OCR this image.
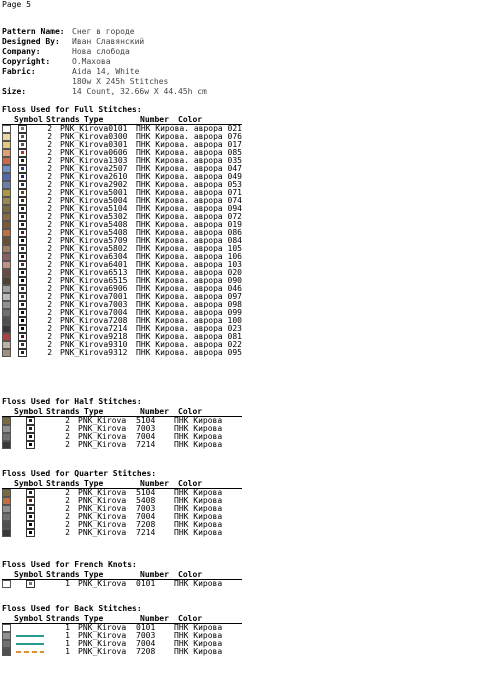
Page 5
Pattern Name: Снег в городе
Designed By:	Иван Славянский
Company:	Нова слобода
Copyright:	О.Махова
Fabric:	Aida 14, White
180w X 245h Stitches
Size:	14 Count, 32.66w X 44.45h cm
Floss Used for Full Stitches:
Symbol Strands Type	Number	Color
2	PNK_Kirova 0101	ПНК Кирова. аврора 021
2	PNK_Kirova 0300	ПНК Кирова. аврора 076
2	PNK_Kirova 0301	ПНК Кирова. аврора 017
2	PNK_Kirova 0606	ПНК Кирова. аврора 085
2	PNK_Kirova 1303	ПНК Кирова. аврора 035
2	PNK_Kirova 2507	ПНК Кирова. аврора 047
2	PNK_Kirova 2610	ПНК Кирова. аврора 049
2	PNK_Kirova 2902	ПНК Кирова. аврора 053
2	PNK_Kirova 5001	ПНК Кирова. аврора 071
2	PNK_Kirova 5004	ПНК Кирова. аврора 074
2	PNK_Kirova 5104	ПНК Кирова. аврора 094
2	PNK_Kirova 5302	ПНК Кирова. аврора 072
2	PNK_Kirova 5408	ПНК Кирова. аврора 019
2	PNK_Kirova 5408	ПНК Кирова. аврора 086
2	PNK_Kirova 5709	ПНК Кирова. аврора 084
2	PNK_Kirova 5802	ПНК Кирова. аврора 105
2	PNK_Kirova 6304	ПНК Кирова. аврора 106
2	PNK_Kirova 6401	ПНК Кирова. аврора 103
2	PNK_Kirova 6513	ПНК Кирова. аврора 020
2	PNK_Kirova 6515	ПНК Кирова. аврора 090
2	PNK_Kirova 6906	ПНК Кирова. аврора 046
2	PNK_Kirova 7001	ПНК Кирова. аврора 097
2	PNK_Kirova 7003	ПНК Кирова. аврора 098
2	PNK_Kirova 7004	ПНК Кирова. аврора 099
2	PNK_Kirova 7208	ПНК Кирова. аврора 100
2	PNK_Kirova 7214	ПНК Кирова. аврора 023
2	PNK_Kirova 9218	ПНК Кирова. аврора 081
2	PNK_Kirova 9310	ПНК Кирова. аврора 022
2	PNK_Kirova 9312	ПНК Кирова. аврора 095
Floss Used for Half Stitches:
Symbol Strands Type	Number	Color
2	PNK_Kirova	5104	ПНК Кирова
2	PNK_Kirova	7003	ПНК Кирова
2	PNK_Kirova	7004	ПНК Кирова
2	PNK_Kirova	7214	ПНК Кирова
Floss Used for Quarter Stitches:
Symbol Strands Type	Number	Color
2	PNK_Kirova	5104	ПНК Кирова
2	PNK_Kirova	5408	ПНК Кирова
2	PNK_Kirova	7003	ПНК Кирова
2	PNK_Kirova	7004	ПНК Кирова
2	PNK_Kirova	7208	ПНК Кирова
2	PNK_Kirova	7214	ПНК Кирова
Floss Used for French Knots:
Symbol Strands Type	Number	Color
1	PNK_Kirova	0101	ПНК Кирова
Floss Used for Back Stitches:
Symbol Strands Type	Number	Color
1	PNK_Kirova	0101	ПНК Кирова
1	PNK_Kirova	7003	ПНК Кирова
1	PNK_Kirova	7004	ПНК Кирова
1	PNK_Kirova	7208	ПНК Кирова
